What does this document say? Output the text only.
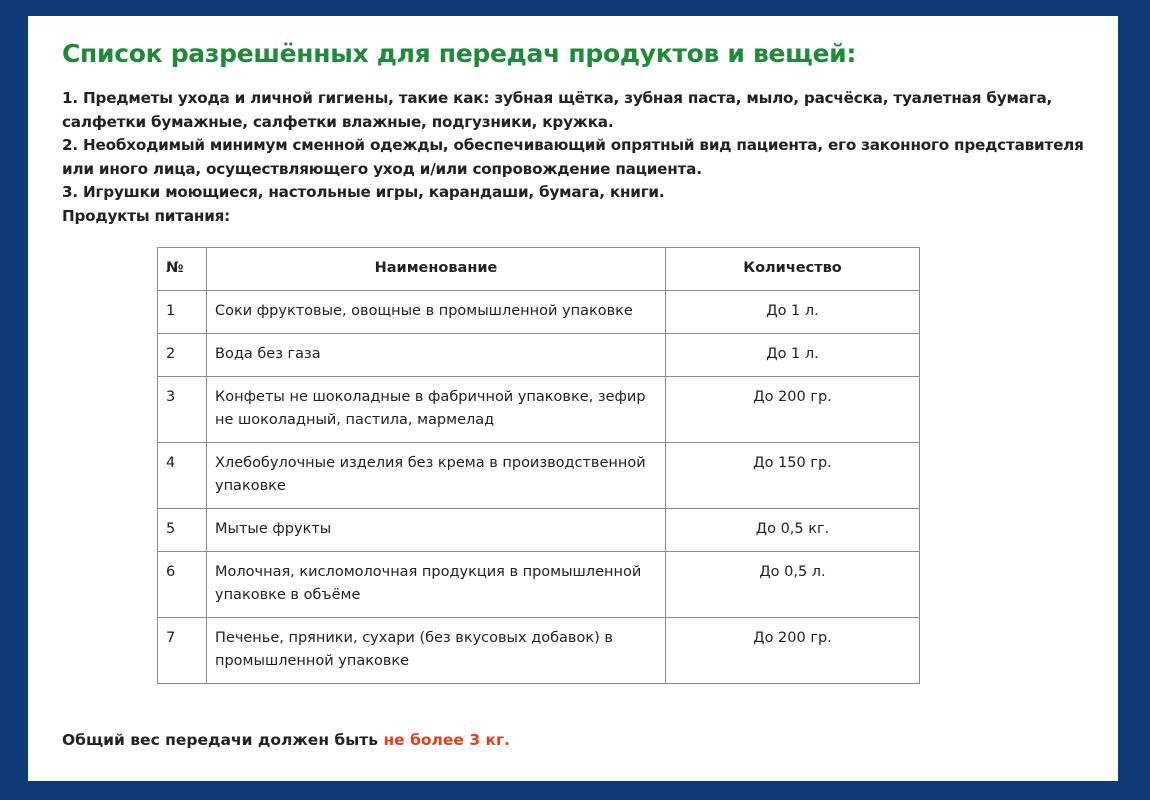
Список разрешённых для передач продуктов и вещей:

1. Предметы ухода и личной гигиены, такие как: зубная щётка, зубная паста, мыло, расчёска, туалетная бумага, салфетки бумажные, салфетки влажные, подгузники, кружка.

2. Необходимый минимум сменной одежды, обеспечивающий опрятный вид пациента, его законного представителя или иного лица, осуществляющего уход и/или сопровождение пациента.

3. Игрушки моющиеся, настольные игры, карандаши, бумага, книги.

Продукты питания:

№	Наименование	Количество
1	Соки фруктовые, овощные в промышленной упаковке	До 1 л.
2	Вода без газа	До 1 л.
3	Конфеты не шоколадные в фабричной упаковке, зефир не шоколадный, пастила, мармелад	До 200 гр.
4	Хлебобулочные изделия без крема в производственной упаковке	До 150 гр.
5	Мытые фрукты	До 0,5 кг.
6	Молочная, кисломолочная продукция в промышленной упаковке в объёме	До 0,5 л.
7	Печенье, пряники, сухари (без вкусовых добавок) в промышленной упаковке	До 200 гр.

Общий вес передачи должен быть не более 3 кг.
